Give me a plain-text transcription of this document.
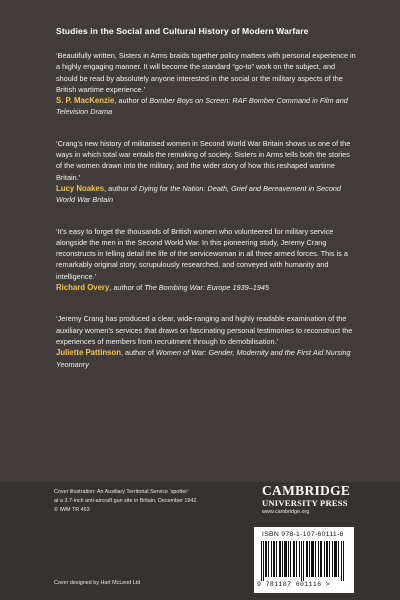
Studies in the Social and Cultural History of Modern Warfare

‘Beautifully written, Sisters in Arms braids together policy matters with personal experience in a highly engaging manner. It will become the standard “go-to” work on the subject, and should be read by absolutely anyone interested in the social or the military aspects of the British wartime experience.’

S. P. MacKenzie, author of Bomber Boys on Screen: RAF Bomber Command in Film and Television Drama

‘Crang’s new history of militarised women in Second World War Britain shows us one of the ways in which total war entails the remaking of society. Sisters in Arms tells both the stories of the women drawn into the military, and the wider story of how this reshaped wartime Britain.’

Lucy Noakes, author of Dying for the Nation: Death, Grief and Bereavement in Second World War Britain

‘It’s easy to forget the thousands of British women who volunteered for military service alongside the men in the Second World War. In this pioneering study, Jeremy Crang reconstructs in telling detail the life of the servicewoman in all three armed forces. This is a remarkably original story, scrupulously researched, and conveyed with humanity and intelligence.’

Richard Overy, author of The Bombing War: Europe 1939–1945

‘Jeremy Crang has produced a clear, wide-ranging and highly readable examination of the auxiliary women’s services that draws on fascinating personal testimonies to reconstruct the experiences of members from recruitment through to demobilisation.’

Juliette Pattinson, author of Women of War: Gender, Modernity and the First Aid Nursing Yeomanry

Cover illustration: An Auxiliary Territorial Service ‘spotter’
at a 3.7-inch anti-aircraft gun site in Britain, December 1942.
© IWM TR 453
Cover designed by Hart McLeod Ltd
CAMBRIDGE
UNIVERSITY PRESS
www.cambridge.org
ISBN 978-1-107-60111-6
9 781107 601116 >
